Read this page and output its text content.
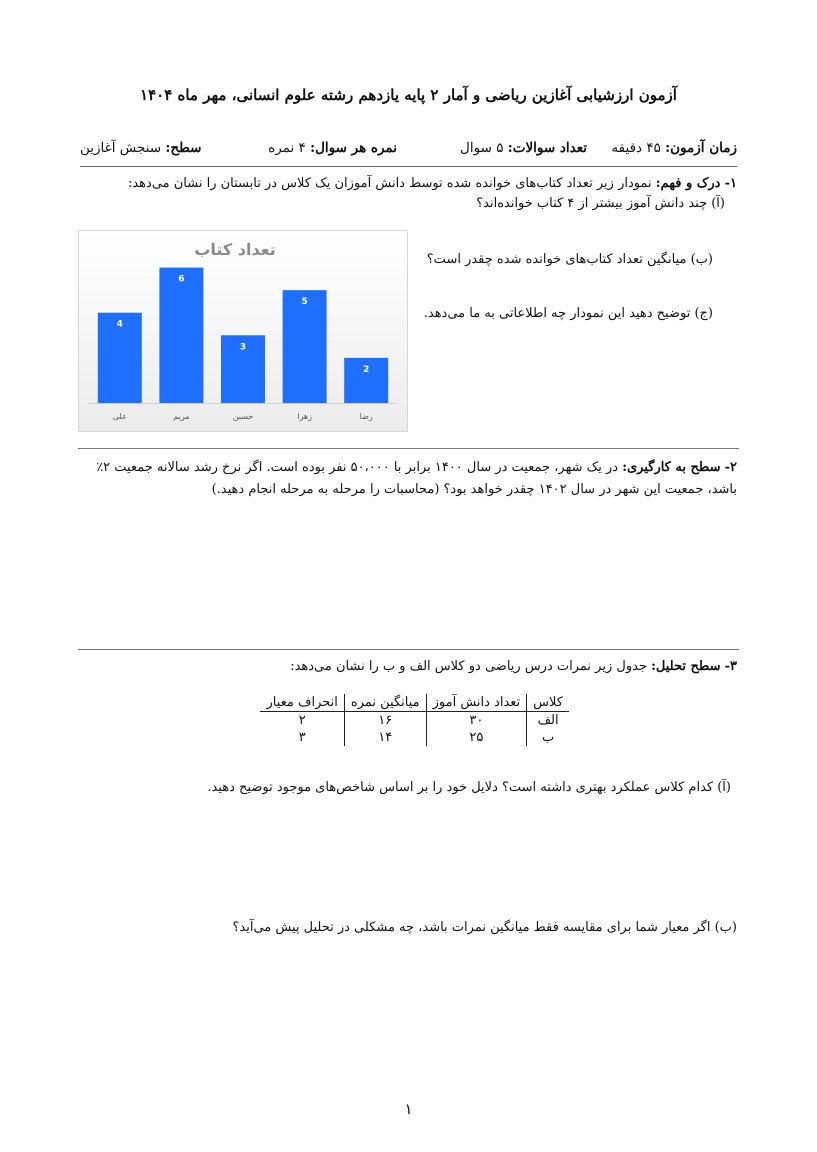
آزمون ارزشیابی آغازین ریاضی و آمار ۲ پایه یازدهم رشته علوم انسانی، مهر ماه ۱۴۰۴
زمان آزمون: ۴۵ دقیقه
تعداد سوالات: ۵ سوال
نمره هر سوال: ۴ نمره
سطح: سنجش آغازین
۱- درک و فهم: نمودار زیر تعداد کتاب‌های خوانده شده توسط دانش آموزان یک کلاس در تابستان را نشان می‌دهد:
(آ) چند دانش آموز بیشتر از ۴ کتاب خوانده‌اند؟
(ب) میانگین تعداد کتاب‌های خوانده شده چقدر است؟
(ج) توضیح دهید این نمودار چه اطلاعاتی به ما می‌دهد.
تعداد کتاب
4
علی
6
مریم
3
حسین
5
زهرا
2
رضا
۲- سطح به کارگیری: در یک شهر، جمعیت در سال ۱۴۰۰ برابر با ۵۰،۰۰۰ نفر بوده است. اگر نرخ رشد سالانه جمعیت ۲٪
باشد، جمعیت این شهر در سال ۱۴۰۲ چقدر خواهد بود؟ (محاسبات را مرحله به مرحله انجام دهید.)
۳- سطح تحلیل: جدول زیر نمرات درس ریاضی دو کلاس الف و ب را نشان می‌دهد:
کلاس	تعداد دانش آموز	میانگین نمره	انحراف معیار
الف	۳۰	۱۶	۲
ب	۲۵	۱۴	۳
(آ) کدام کلاس عملکرد بهتری داشته است؟ دلایل خود را بر اساس شاخص‌های موجود توضیح دهید.
(ب) اگر معیار شما برای مقایسه فقط میانگین نمرات باشد، چه مشکلی در تحلیل پیش می‌آید؟
۱
